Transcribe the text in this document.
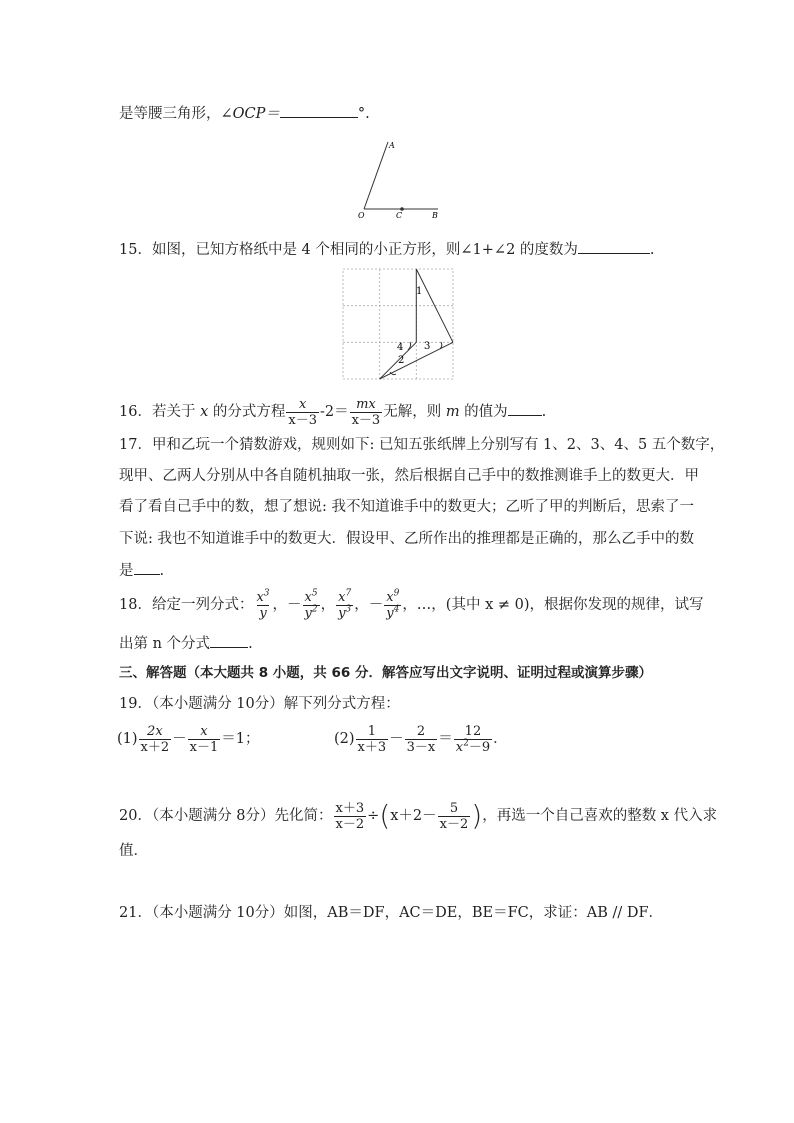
是等腰三角形，∠OCP＝	°.
A
O	C	B
15．如图，已知方格纸中是 4 个相同的小正方形，则∠1+∠2 的度数为	.
1
2
3
4
16．若关于 x 的分式方程 $\frac{x}{x-3} -2= \frac{mx}{x-3}$ 无解，则 m 的值为 .
17．甲和乙玩一个猜数游戏，规则如下: 已知五张纸牌上分别写有 1、2、3、4、5 五个数字，
现甲、乙两人分别从中各自随机抽取一张，然后根据自己手中的数推测谁手上的数更大．甲
看了看自己手中的数，想了想说: 我不知道谁手中的数更大；乙听了甲的判断后，思索了一
下说: 我也不知道谁手中的数更大．假设甲、乙所作出的推理都是正确的，那么乙手中的数
是 .
18．给定一列分式： $\frac{x^3}{y}$ ，－ $\frac{x^5}{y^2}$ ， $\frac{x^7}{y^3}$ ，－ $\frac{x^9}{y^4}$ ，…，(其中 x ≠ 0)，根据你发现的规律，试写
出第 n 个分式	.
三、解答题（本大题共 8 小题，共 66 分．解答应写出文字说明、证明过程或演算步骤）
19．（本小题满分 10分）解下列分式方程：
$(1) \frac{2x}{x+2} - \frac{x}{x-1} =1$；	$(2) \frac{1}{x+3} - \frac{2}{3-x} = \frac{12}{x^2-9}$ ．
20．（本小题满分 8分）先化简： $\frac{x+3}{x-2} \div(x+2- \frac{5}{x-2}$ )，再选一个自己喜欢的整数 x 代入求
值．
21．（本小题满分 10分）如图，AB＝DF，AC＝DE，BE＝FC，求证：AB // DF．
